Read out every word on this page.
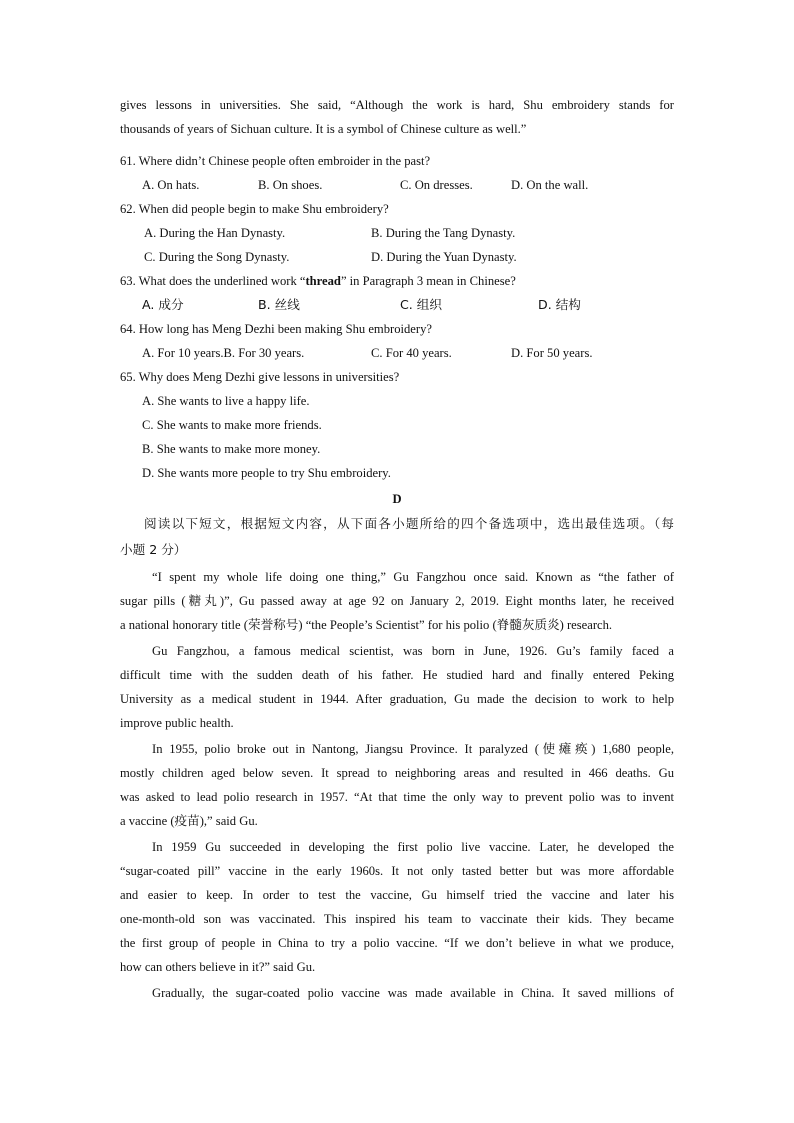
gives lessons in universities. She said, “Although the work is hard, Shu embroidery stands for

thousands of years of Sichuan culture. It is a symbol of Chinese culture as well.”

61. Where didn’t Chinese people often embroider in the past?

A. On hats.	B. On shoes.	C. On dresses.	D. On the wall.

62. When did people begin to make Shu embroidery?

A. During the Han Dynasty.	B. During the Tang Dynasty.
C. During the Song Dynasty.	D. During the Yuan Dynasty.

63. What does the underlined work “thread” in Paragraph 3 mean in Chinese?

A. 成分	B. 丝线	C. 组织	D. 结构

64. How long has Meng Dezhi been making Shu embroidery?

A. For 10 years.B. For 30 years.	C. For 40 years.	D. For 50 years.

65. Why does Meng Dezhi give lessons in universities?

A. She wants to live a happy life.
C. She wants to make more friends.
B. She wants to make more money.
D. She wants more people to try Shu embroidery.

D

阅读以下短文，根据短文内容，从下面各小题所给的四个备选项中，选出最佳选项。（每

小题 2 分）

“I spent my whole life doing one thing,” Gu Fangzhou once said. Known as “the father of

sugar pills (糖丸)”, Gu passed away at age 92 on January 2, 2019. Eight months later, he received

a national honorary title (荣誉称号) “the People’s Scientist” for his polio (脊髓灰质炎) research.

Gu Fangzhou, a famous medical scientist, was born in June, 1926. Gu’s family faced a

difficult time with the sudden death of his father. He studied hard and finally entered Peking

University as a medical student in 1944. After graduation, Gu made the decision to work to help

improve public health.

In 1955, polio broke out in Nantong, Jiangsu Province. It paralyzed (使瘫痪) 1,680 people,

mostly children aged below seven. It spread to neighboring areas and resulted in 466 deaths. Gu

was asked to lead polio research in 1957. “At that time the only way to prevent polio was to invent

a vaccine (疫苗),” said Gu.

In 1959 Gu succeeded in developing the first polio live vaccine. Later, he developed the

“sugar-coated pill” vaccine in the early 1960s. It not only tasted better but was more affordable

and easier to keep. In order to test the vaccine, Gu himself tried the vaccine and later his

one-month-old son was vaccinated. This inspired his team to vaccinate their kids. They became

the first group of people in China to try a polio vaccine. “If we don’t believe in what we produce,

how can others believe in it?” said Gu.

Gradually, the sugar-coated polio vaccine was made available in China. It saved millions of
